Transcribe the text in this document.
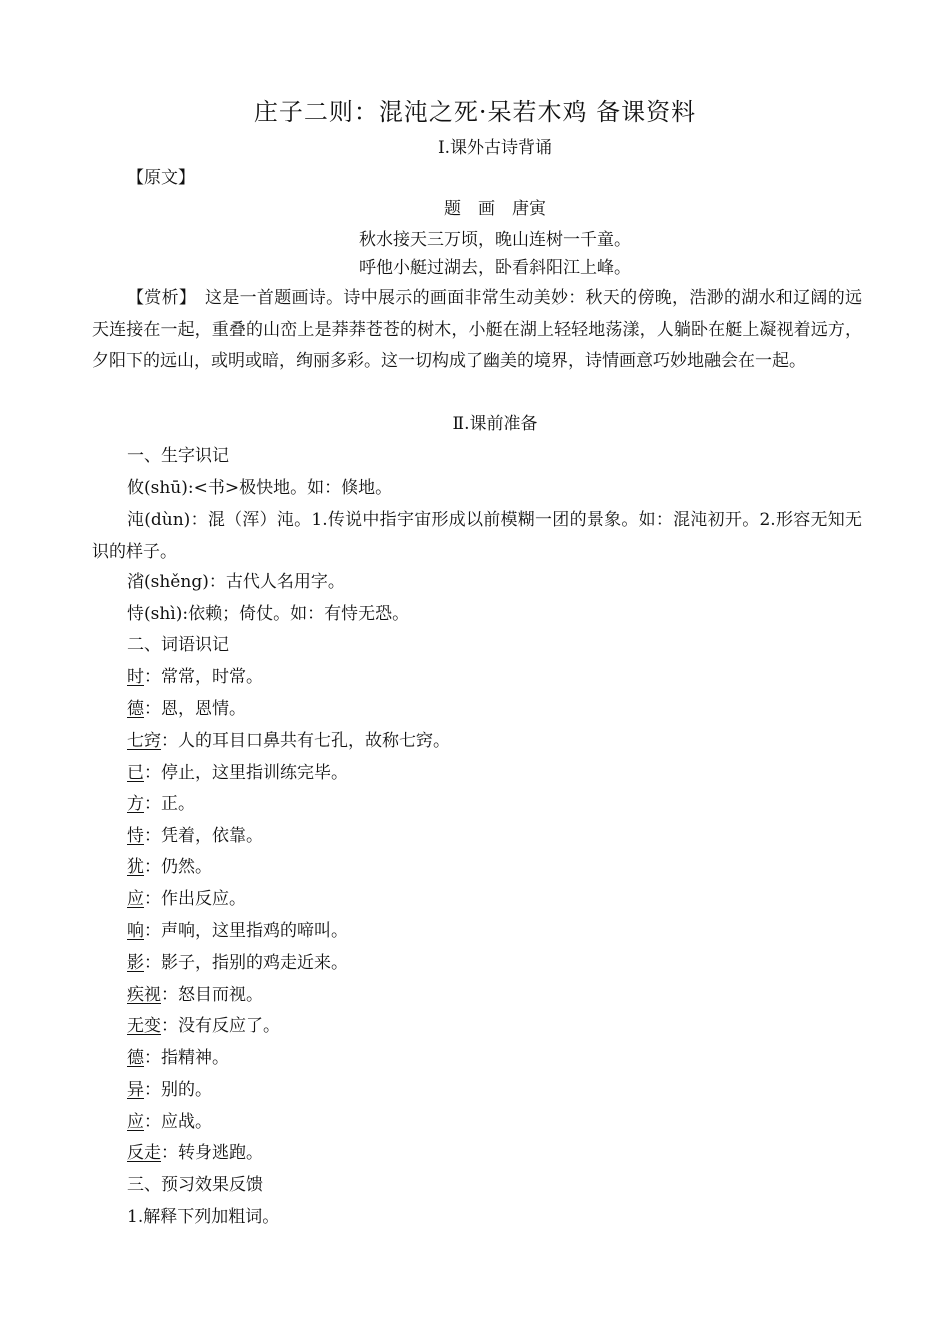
庄子二则：混沌之死·呆若木鸡 备课资料
Ⅰ.课外古诗背诵
【原文】
题　画　唐寅
秋水接天三万顷，晚山连树一千童。
呼他小艇过湖去，卧看斜阳江上峰。
【赏析】　 这是一首题画诗。诗中展示的画面非常生动美妙：秋天的傍晚，浩渺的湖水和辽阔的远天连接在一起，重叠的山峦上是莽莽苍苍的树木，小艇在湖上轻轻地荡漾，人躺卧在艇上凝视着远方，夕阳下的远山，或明或暗，绚丽多彩。这一切构成了幽美的境界，诗情画意巧妙地融会在一起。
Ⅱ.课前准备
一、生字识记
攸(shū):<书>极快地。如：倏地。
沌(dùn)：混（浑）沌。1.传说中指宇宙形成以前模糊一团的景象。如：混沌初开。2.形容无知无识的样子。
渻(shěng)：古代人名用字。
恃(shì):依赖；倚仗。如：有恃无恐。
二、词语识记
时：常常，时常。
德：恩，恩情。
七窍：人的耳目口鼻共有七孔，故称七窍。
已：停止，这里指训练完毕。
方：正。
恃：凭着，依靠。
犹：仍然。
应：作出反应。
响：声响，这里指鸡的啼叫。
影：影子，指别的鸡走近来。
疾视：怒目而视。
无变：没有反应了。
德：指精神。
异：别的。
应：应战。
反走：转身逃跑。
三、预习效果反馈
1.解释下列加粗词。
